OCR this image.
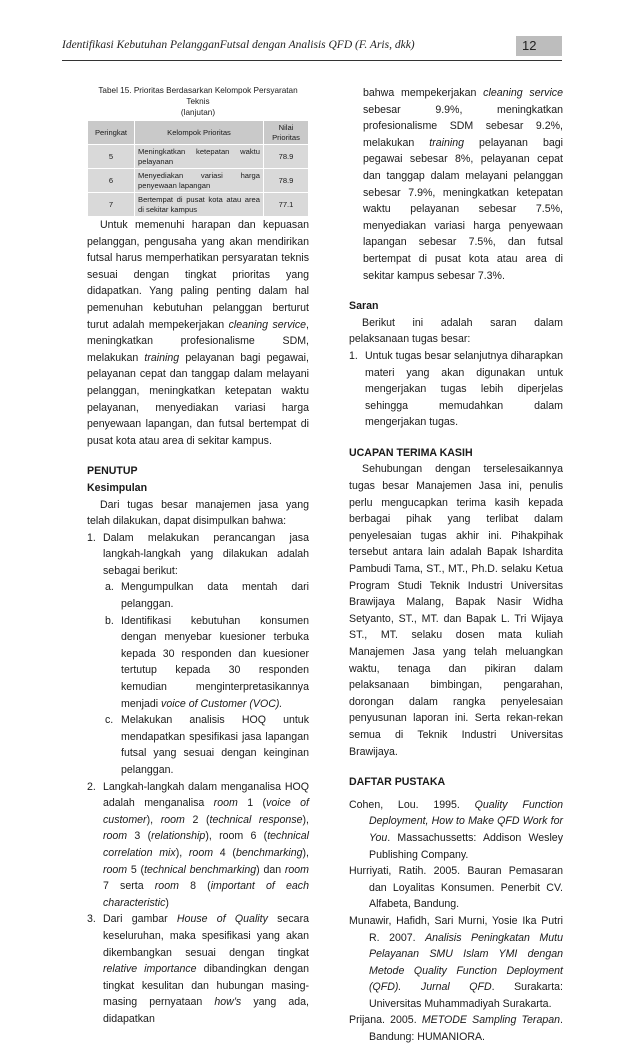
Identifikasi Kebutuhan PelangganFutsal dengan Analisis QFD (F. Aris, dkk)	12

Tabel 15. Prioritas Berdasarkan Kelompok Persyaratan Teknis
(lanjutan)

Peringkat	Kelompok Prioritas	Nilai Prioritas
5	Meningkatkan ketepatan waktu pelayanan	78.9
6	Menyediakan variasi harga penyewaan lapangan	78.9
7	Bertempat di pusat kota atau area di sekitar kampus	77.1

Untuk memenuhi harapan dan kepuasan pelanggan, pengusaha yang akan mendirikan futsal harus memperhatikan persyaratan teknis sesuai dengan tingkat prioritas yang didapatkan. Yang paling penting dalam hal pemenuhan kebutuhan pelanggan berturut turut adalah mempekerjakan cleaning service, meningkatkan profesionalisme SDM, melakukan training pelayanan bagi pegawai, pelayanan cepat dan tanggap dalam melayani pelanggan, meningkatkan ketepatan waktu pelayanan, menyediakan variasi harga penyewaan lapangan, dan futsal bertempat di pusat kota atau area di sekitar kampus.

PENUTUP

Kesimpulan

Dari tugas besar manajemen jasa yang telah dilakukan, dapat disimpulkan bahwa:

1. Dalam melakukan perancangan jasa langkah-langkah yang dilakukan adalah sebagai berikut:
a. Mengumpulkan data mentah dari pelanggan.
b. Identifikasi kebutuhan konsumen dengan menyebar kuesioner terbuka kepada 30 responden dan kuesioner tertutup kepada 30 responden kemudian menginterpretasikannya menjadi voice of Customer (VOC).
c. Melakukan analisis HOQ untuk mendapatkan spesifikasi jasa lapangan futsal yang sesuai dengan keinginan pelanggan.
2. Langkah-langkah dalam menganalisa HOQ adalah menganalisa room 1 (voice of customer), room 2 (technical response), room 3 (relationship), room 6 (technical correlation mix), room 4 (benchmarking), room 5 (technical benchmarking) dan room 7 serta room 8 (important of each characteristic)
3. Dari gambar House of Quality secara keseluruhan, maka spesifikasi yang akan dikembangkan sesuai dengan tingkat relative importance dibandingkan dengan tingkat kesulitan dan hubungan masing-masing pernyataan how’s yang ada, didapatkan

bahwa mempekerjakan cleaning service sebesar 9.9%, meningkatkan profesionalisme SDM sebesar 9.2%, melakukan training pelayanan bagi pegawai sebesar 8%, pelayanan cepat dan tanggap dalam melayani pelanggan sebesar 7.9%, meningkatkan ketepatan waktu pelayanan sebesar 7.5%, menyediakan variasi harga penyewaan lapangan sebesar 7.5%, dan futsal bertempat di pusat kota atau area di sekitar kampus sebesar 7.3%.

Saran

Berikut ini adalah saran dalam pelaksanaan tugas besar:

1. Untuk tugas besar selanjutnya diharapkan materi yang akan digunakan untuk mengerjakan tugas lebih diperjelas sehingga memudahkan dalam mengerjakan tugas.

UCAPAN TERIMA KASIH

Sehubungan dengan terselesaikannya tugas besar Manajemen Jasa ini, penulis perlu mengucapkan terima kasih kepada berbagai pihak yang terlibat dalam penyelesaian tugas akhir ini. Pihakpihak tersebut antara lain adalah Bapak Ishardita Pambudi Tama, ST., MT., Ph.D. selaku Ketua Program Studi Teknik Industri Universitas Brawijaya Malang, Bapak Nasir Widha Setyanto, ST., MT. dan Bapak L. Tri Wijaya ST., MT. selaku dosen mata kuliah Manajemen Jasa yang telah meluangkan waktu, tenaga dan pikiran dalam pelaksanaan bimbingan, pengarahan, dorongan dalam rangka penyelesaian penyusunan laporan ini. Serta rekan-rekan semua di Teknik Industri Universitas Brawijaya.

DAFTAR PUSTAKA

Cohen, Lou. 1995. Quality Function Deployment, How to Make QFD Work for You. Massachussetts: Addison Wesley Publishing Company.

Hurriyati, Ratih. 2005. Bauran Pemasaran dan Loyalitas Konsumen. Penerbit CV. Alfabeta, Bandung.

Munawir, Hafidh, Sari Murni, Yosie Ika Putri R. 2007. Analisis Peningkatan Mutu Pelayanan SMU Islam YMI dengan Metode Quality Function Deployment (QFD). Jurnal QFD. Surakarta: Universitas Muhammadiyah Surakarta.

Prijana. 2005. METODE Sampling Terapan. Bandung: HUMANIORA.
